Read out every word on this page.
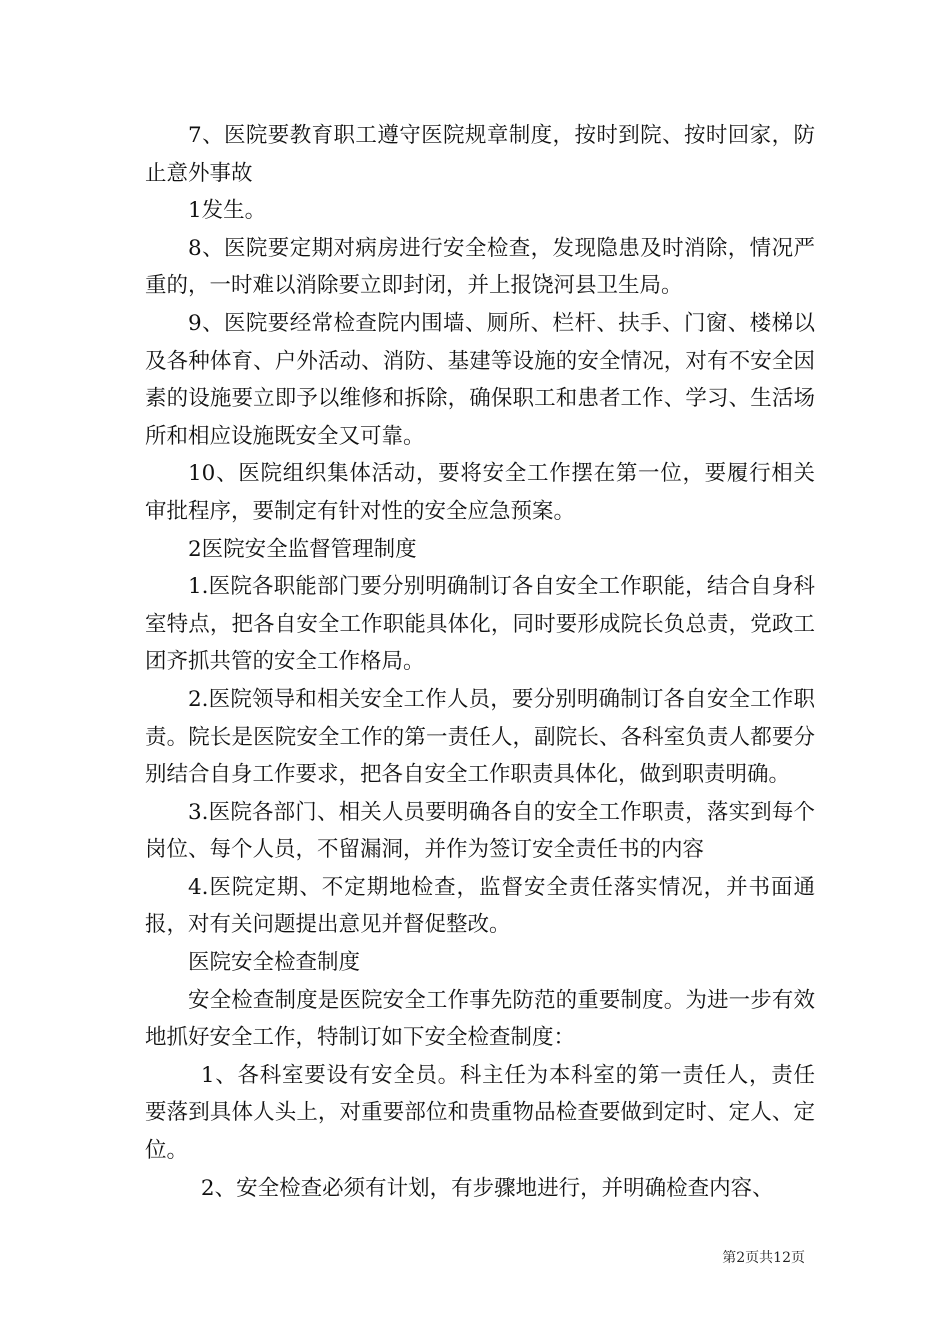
7、医院要教育职工遵守医院规章制度，按时到院、按时回家，防止意外事故

1发生。

8、医院要定期对病房进行安全检查，发现隐患及时消除，情况严重的，一时难以消除要立即封闭，并上报饶河县卫生局。

9、医院要经常检查院内围墙、厕所、栏杆、扶手、门窗、楼梯以及各种体育、户外活动、消防、基建等设施的安全情况，对有不安全因素的设施要立即予以维修和拆除，确保职工和患者工作、学习、生活场所和相应设施既安全又可靠。

10、医院组织集体活动，要将安全工作摆在第一位，要履行相关审批程序，要制定有针对性的安全应急预案。

2医院安全监督管理制度

1.医院各职能部门要分别明确制订各自安全工作职能，结合自身科室特点，把各自安全工作职能具体化，同时要形成院长负总责，党政工团齐抓共管的安全工作格局。

2.医院领导和相关安全工作人员，要分别明确制订各自安全工作职责。院长是医院安全工作的第一责任人，副院长、各科室负责人都要分别结合自身工作要求，把各自安全工作职责具体化，做到职责明确。

3.医院各部门、相关人员要明确各自的安全工作职责，落实到每个岗位、每个人员，不留漏洞，并作为签订安全责任书的内容

4.医院定期、不定期地检查，监督安全责任落实情况，并书面通报，对有关问题提出意见并督促整改。

医院安全检查制度

安全检查制度是医院安全工作事先防范的重要制度。为进一步有效地抓好安全工作，特制订如下安全检查制度：

1、各科室要设有安全员。科主任为本科室的第一责任人，责任要落到具体人头上，对重要部位和贵重物品检查要做到定时、定人、定位。

2、安全检查必须有计划，有步骤地进行，并明确检查内容、

第2页共12页
